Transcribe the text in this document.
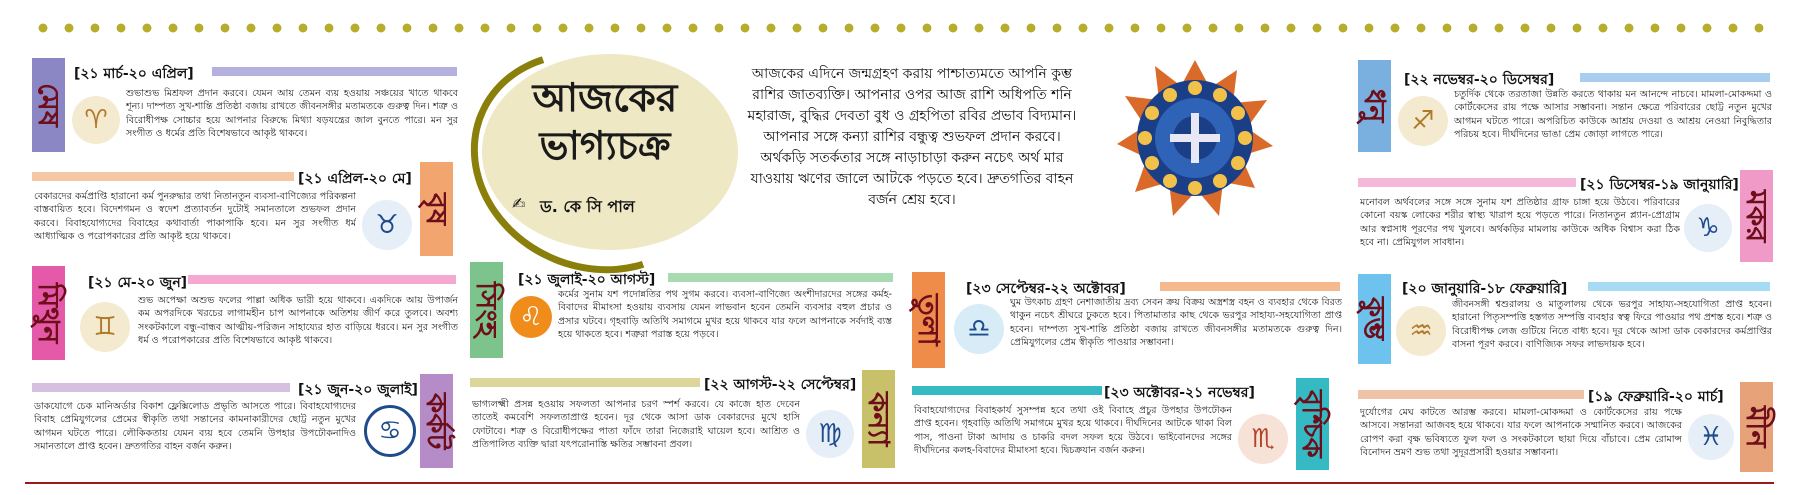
আজকের ভাগ্যচক্র
✍ ড. কে সি পাল
আজকের এদিনে জন্মগ্রহণ করায় পাশ্চাত্যমতে আপনি কুম্ভ রাশির জাতব্যক্তি। আপনার ওপর আজ রাশি অধিপতি শনি মহারাজ, বুদ্ধির দেবতা বুধ ও গ্রহপিতা রবির প্রভাব বিদ্যমান। আপনার সঙ্গে কন্যা রাশির বন্ধুত্ব শুভফল প্রদান করবে। অর্থকড়ি সতর্কতার সঙ্গে নাড়াচাড়া করুন নচেৎ অর্থ মার যাওয়ায় ঋণের জালে আটকে পড়তে হবে। দ্রুতগতির বাহন বর্জন শ্রেয় হবে।
মেষ
[২১ মার্চ-২০ এপ্রিল]
♈
শুভাশুভ মিশ্রফল প্রদান করবে। যেমন আয় তেমন ব্যয় হওয়ায় সঞ্চয়ের খাতে থাকবে শূন্য। দাম্পত্য সুখ-শান্তি প্রতিষ্ঠা বজায় রাখতে জীবনসঙ্গীর মতামতকে গুরুত্ব দিন। শত্রু ও বিরোধীপক্ষ সোচ্চার হয়ে আপনার বিরুদ্ধে মিথ্যা ষড়যন্ত্রের জাল বুনতে পারে। মন সুর সংগীত ও ধর্মের প্রতি বিশেষভাবে আকৃষ্ট থাকবে।
[২১ এপ্রিল-২০ মে]
বৃষ
বেকারদের কর্মপ্রাপ্তি হারানো কর্ম পুনরুদ্ধার তথা নিতানতুন ব্যবসা-বাণিজ্যের পরিকল্পনা বাস্তবায়িত হবে। বিদেশগমন ও স্বদেশ প্রত্যাবর্তন দুটোই সমানতালে শুভফল প্রদান করবে। বিবাহযোগ্যদের বিবাহের কথাবার্তা পাকাপাকি হবে। মন সুর সংগীত ধর্ম আধ্যাত্মিক ও পরোপকারের প্রতি আকৃষ্ট হয়ে থাকবে।	♉
মিথুন [২১ মে-২০ জুন]
♊
শুভ অপেক্ষা অশুভ ফলের পাল্লা অধিক ভারী হয়ে থাকবে। একদিকে আয় উপার্জন কম অপরদিকে খরচের লাগামহীন চাপ আপনাকে অতিশয় জীর্ণ করে তুলবে। অবশ্য সংকটকালে বন্ধু-বান্ধব আত্মীয়-পরিজন সাহায্যের হাত বাড়িয়ে ধরবে। মন সুর সংগীত ধর্ম ও পরোপকারের প্রতি বিশেষভাবে আকৃষ্ট থাকবে।
[২১ জুন-২০ জুলাই]
কর্কট
ডাকযোগে চেক মানিঅর্ডার বিকাশ ফ্লেক্সিলোড প্রভৃতি আসতে পারে। বিবাহযোগ্যদের বিবাহ প্রেমিযুগলের প্রেমের স্বীকৃতি তথা সন্তানের কামনাকারীদের ছোট্ট নতুন মুখের আগমন ঘটতে পারে। লৌকিকতায় যেমন ব্যয় হবে তেমনি উপহার উপঢৌকনাদিও সমানতালে প্রাপ্ত হবেন। দ্রুতগতির বাহন বর্জন করুন।
♋
সিংহ
[২১ জুলাই-২০ আগস্ট]
♌
কর্মের সুনাম যশ পদোন্নতির পথ সুগম করবে। ব্যবসা-বাণিজ্যে অংশীদারদের সঙ্গের কর্মহ-বিবাদের মীমাংসা হওয়ায় ব্যবসায় যেমন লাভবান হবেন তেমনি ব্যবসার বহুল প্রচার ও প্রসার ঘটবে। গৃহবাড়ি অতিথি সমাগমে মুখর হয়ে থাকবে যার ফলে আপনাকে সর্বদাই ব্যস্ত হয়ে থাকতে হবে। শত্রুরা পরাস্ত হয়ে পড়বে।
[২২ আগস্ট-২২ সেপ্টেম্বর]
কন্যা
ভাগ্যলক্ষ্মী প্রসন্ন হওয়ায় সফলতা আপনার চরণ স্পর্শ করবে। যে কাজে হাত দেবেন তাতেই কমবেশি সফলতাপ্রাপ্ত হবেন। দূর থেকে আসা ডাক বেকারদের মুখে হাসি ফোটাবে। শত্রু ও বিরোধীপক্ষের পাতা ফাঁদে তারা নিজেরাই ঘায়েল হবে। আশ্রিত ও প্রতিপালিত ব্যক্তি দ্বারা যৎপরোনাস্তি ক্ষতির সম্ভাবনা প্রবল।	♍
তুলা
[২৩ সেপ্টেম্বর-২২ অক্টোবর]
♎
ঘুম উৎকাচ গ্রহণ নেশাজাতীয় দ্রব্য সেবন ক্রয় বিক্রয় অস্ত্রশস্ত্র বহন ও ব্যবহার থেকে বিরত থাকুন নচেৎ শ্রীঘরে ঢুকতে হবে। পিতামাতার কাছ থেকে ভরপুর সাহায্য-সহযোগিতা প্রাপ্ত হবেন। দাম্পত্য সুখ-শান্তি প্রতিষ্ঠা বজায় রাখতে জীবনসঙ্গীর মতামতকে গুরুত্ব দিন। প্রেমিযুগলের প্রেম স্বীকৃতি পাওয়ার সম্ভাবনা।
[২৩ অক্টোবর-২১ নভেম্বর] বৃশ্চিক
বিবাহযোগ্যদের বিবাহকার্য সুসম্পন্ন হবে তথা ওই বিবাহে প্রচুর উপহার উপঢৌকন প্রাপ্ত হবেন। গৃহবাড়ি অতিথি সমাগমে মুখর হয়ে থাকবে। দীর্ঘদিনের আটকে থাকা বিল পাস, পাওনা টাকা আদায় ও চাকরি বদল সফল হয়ে উঠবে। ভাইবোনদের সঙ্গের দীর্ঘদিনের কলহ-বিবাদের মীমাংসা হবে। দ্বিচক্রযান বর্জন করুন।	♏
ধনু
[২২ নভেম্বর-২০ ডিসেম্বর]
♐
চতুর্দিক থেকে তরতাজা উন্নতি করতে থাকায় মন আনন্দে নাচবে। মামলা-মোকদ্দমা ও কোর্টকেসের রায় পক্ষে আসার সম্ভাবনা। সন্তান ক্ষেত্রে পরিবারের ছোট্ট নতুন মুখের আগমন ঘটতে পারে। অপরিচিত কাউকে আশ্রয় দেওয়া ও আশ্রয় নেওয়া নিবুদ্ধিতার পরিচয় হবে। দীর্ঘদিনের ভাঙা প্রেম জোড়া লাগতে পারে।
[২১ ডিসেম্বর-১৯ জানুয়ারি]
মকর
মনোবল অর্থবলের সঙ্গে সঙ্গে সুনাম যশ প্রতিষ্ঠার গ্রাফ চাঙ্গা হয়ে উঠবে। পরিবারের কোনো বয়স্ক লোকের শরীর স্বাস্থ্য খারাপ হয়ে পড়তে পারে। নিতানতুন প্ল্যান-প্রোগ্রাম আর স্বপ্নসাধ পূরণের পথ খুলবে। অর্থকড়ির মামলায় কাউকে অধিক বিশ্বাস করা ঠিক হবে না। প্রেমিযুগল সাবধান।	♑
কুম্ভ
[২০ জানুয়ারি-১৮ ফেব্রুয়ারি]
♒
জীবনসঙ্গী শ্বশুরালয় ও মাতুলালয় থেকে ভরপুর সাহায্য-সহযোগিতা প্রাপ্ত হবেন। হারানো পিতৃসম্পত্তি হস্তগত সম্পত্তি ব্যবহার স্বত্ব ফিরে পাওয়ার পথ প্রশস্ত হবে। শত্রু ও বিরোধীপক্ষ লেজ গুটিয়ে নিতে বাধ্য হবে। দূর থেকে আসা ডাক বেকারদের কর্মপ্রাপ্তির বাসনা পূরণ করবে। বাণিজ্যিক সফর লাভদায়ক হবে।
[১৯ ফেব্রুয়ারি-২০ মার্চ]
মীন
দুর্যোগের মেঘ কাটতে আরম্ভ করবে। মামলা-মোকদ্দমা ও কোর্টকেসের রায় পক্ষে আসবে। সন্তানরা আজবহ হয়ে থাকবে। যার ফলে আপনাকে সম্মানিত করবে। আজকের রোপণ করা বৃক্ষ ভবিষ্যতে ফুল ফল ও সংকটকালে ছায়া দিয়ে বাঁচাবে। প্রেম রোমান্স বিনোদন ভ্রমণ শুভ তথা সুদূরপ্রসারী হওয়ার সম্ভাবনা।
♓
